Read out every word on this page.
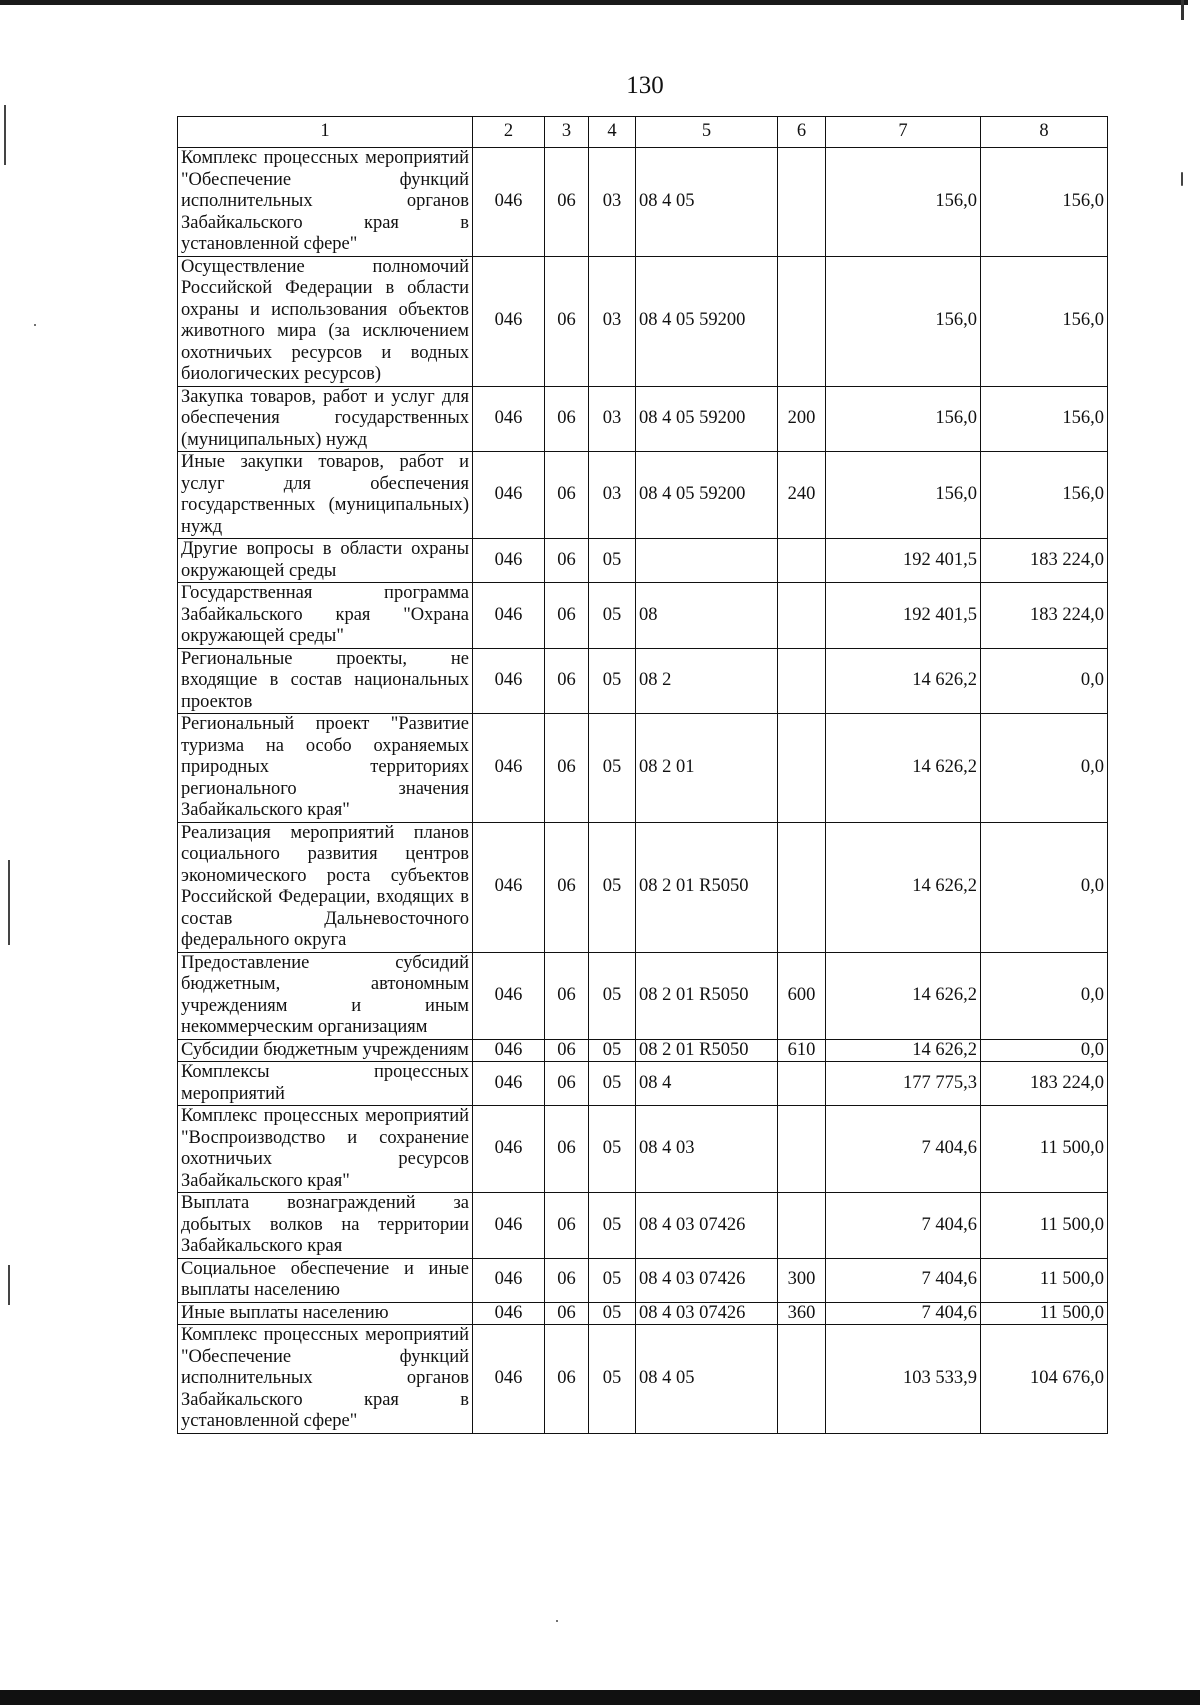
130
1	2	3	4	5	6	7	8
Комплекс процессных мероприятий "Обеспечение функций исполнительных органов Забайкальского края в установленной сфере"	046	06	03	08 4 05		156,0	156,0
Осуществление полномочий Российской Федерации в области охраны и использования объектов животного мира (за исключением охотничьих ресурсов и водных биологических ресурсов)	046	06	03	08 4 05 59200		156,0	156,0
Закупка товаров, работ и услуг для обеспечения государственных (муниципальных) нужд	046	06	03	08 4 05 59200	200	156,0	156,0
Иные закупки товаров, работ и услуг для обеспечения государственных (муниципальных) нужд	046	06	03	08 4 05 59200	240	156,0	156,0
Другие вопросы в области охраны окружающей среды	046	06	05			192 401,5	183 224,0
Государственная программа Забайкальского края "Охрана окружающей среды"	046	06	05	08		192 401,5	183 224,0
Региональные проекты, не входящие в состав национальных проектов	046	06	05	08 2		14 626,2	0,0
Региональный проект "Развитие туризма на особо охраняемых природных территориях регионального значения Забайкальского края"	046	06	05	08 2 01		14 626,2	0,0
Реализация мероприятий планов социального развития центров экономического роста субъектов Российской Федерации, входящих в состав Дальневосточного федерального округа	046	06	05	08 2 01 R5050		14 626,2	0,0
Предоставление субсидий бюджетным, автономным учреждениям и иным некоммерческим организациям	046	06	05	08 2 01 R5050	600	14 626,2	0,0
Субсидии бюджетным учреждениям	046	06	05	08 2 01 R5050	610	14 626,2	0,0
Комплексы процессных мероприятий	046	06	05	08 4		177 775,3	183 224,0
Комплекс процессных мероприятий "Воспроизводство и сохранение охотничьих ресурсов Забайкальского края"	046	06	05	08 4 03		7 404,6	11 500,0
Выплата вознаграждений за добытых волков на территории Забайкальского края	046	06	05	08 4 03 07426		7 404,6	11 500,0
Социальное обеспечение и иные выплаты населению	046	06	05	08 4 03 07426	300	7 404,6	11 500,0
Иные выплаты населению	046	06	05	08 4 03 07426	360	7 404,6	11 500,0
Комплекс процессных мероприятий "Обеспечение функций исполнительных органов Забайкальского края в установленной сфере"	046	06	05	08 4 05		103 533,9	104 676,0
